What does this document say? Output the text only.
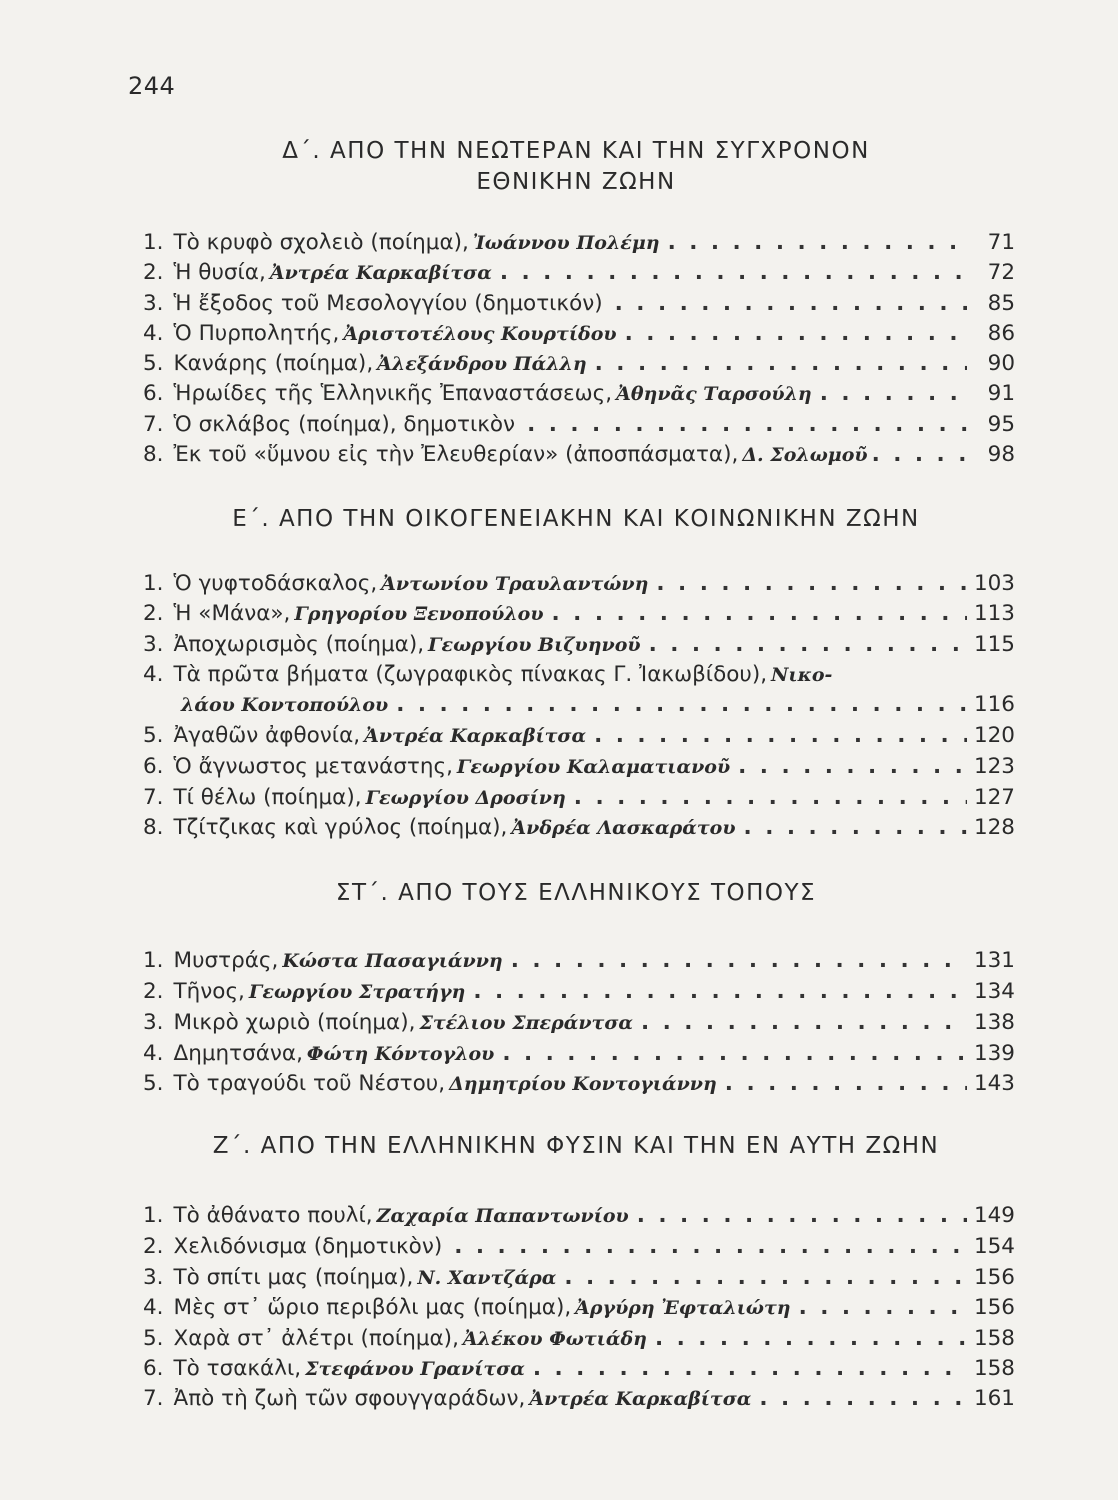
244
Δ΄. ΑΠΟ ΤΗΝ ΝΕΩΤΕΡΑΝ ΚΑΙ ΤΗΝ ΣΥΓΧΡΟΝΟΝ
ΕΘΝΙΚΗΝ ΖΩΗΝ
1. Τὸ κρυφὸ σχολειὸ (ποίημα), Ἰωάννου Πολέμη . . .	71
2. Ἡ θυσία, Ἀντρέα Καρκαβίτσα . . .	72
3. Ἡ ἔξοδος τοῦ Μεσολογγίου (δημοτικόν) . . .	85
4. Ὁ Πυρπολητής, Ἀριστοτέλους Κουρτίδου . . .	86
5. Κανάρης (ποίημα), Ἀλεξάνδρου Πάλλη . . .	90
6. Ἡρωίδες τῆς Ἑλληνικῆς Ἐπαναστάσεως, Ἀθηνᾶς Ταρσούλη . . .	91
7. Ὁ σκλάβος (ποίημα), δημοτικὸν . . .	95
8. Ἐκ τοῦ «ὕμνου εἰς τὴν Ἐλευθερίαν» (ἀποσπάσματα), Δ. Σολωμοῦ . . .	98
Ε΄. ΑΠΟ ΤΗΝ ΟΙΚΟΓΕΝΕΙΑΚΗΝ ΚΑΙ ΚΟΙΝΩΝΙΚΗΝ ΖΩΗΝ
1. Ὁ γυφτοδάσκαλος, Ἀντωνίου Τραυλαντώνη . . .	103
2. Ἡ «Μάνα», Γρηγορίου Ξενοπούλου . . .	113
3. Ἀποχωρισμὸς (ποίημα), Γεωργίου Βιζυηνοῦ . . .	115
4. Τὰ πρῶτα βήματα (ζωγραφικὸς πίνακας Γ. Ἰακωβίδου), Νικο-
λάου Κοντοπούλου . . .	116
5. Ἀγαθῶν ἀφθονία, Ἀντρέα Καρκαβίτσα . . .	120
6. Ὁ ἄγνωστος μετανάστης, Γεωργίου Καλαματιανοῦ . . .	123
7. Τί θέλω (ποίημα), Γεωργίου Δροσίνη . . .	127
8. Τζίτζικας καὶ γρύλος (ποίημα), Ἀνδρέα Λασκαράτου . . .	128
ΣΤ΄. ΑΠΟ ΤΟΥΣ ΕΛΛΗΝΙΚΟΥΣ ΤΟΠΟΥΣ
1. Μυστράς, Κώστα Πασαγιάννη . . .	131
2. Τῆνος, Γεωργίου Στρατήγη . . .	134
3. Μικρὸ χωριὸ (ποίημα), Στέλιου Σπεράντσα . . .	138
4. Δημητσάνα, Φώτη Κόντογλου . . .	139
5. Τὸ τραγούδι τοῦ Νέστου, Δημητρίου Κοντογιάννη . . .	143
Ζ΄. ΑΠΟ ΤΗΝ ΕΛΛΗΝΙΚΗΝ ΦΥΣΙΝ ΚΑΙ ΤΗΝ ΕΝ ΑΥΤΗ ΖΩΗΝ
1. Τὸ ἀθάνατο πουλί, Ζαχαρία Παπαντωνίου . . .	149
2. Χελιδόνισμα (δημοτικὸν) . . .	154
3. Τὸ σπίτι μας (ποίημα), Ν. Χαντζάρα . . .	156
4. Μὲς στ᾿ ὥριο περιβόλι μας (ποίημα), Ἀργύρη Ἐφταλιώτη . . .	156
5. Χαρὰ στ᾿ ἀλέτρι (ποίημα), Ἀλέκου Φωτιάδη . . .	158
6. Τὸ τσακάλι, Στεφάνου Γρανίτσα . . .	158
7. Ἀπὸ τὴ ζωὴ τῶν σφουγγαράδων, Ἀντρέα Καρκαβίτσα . . .	161
